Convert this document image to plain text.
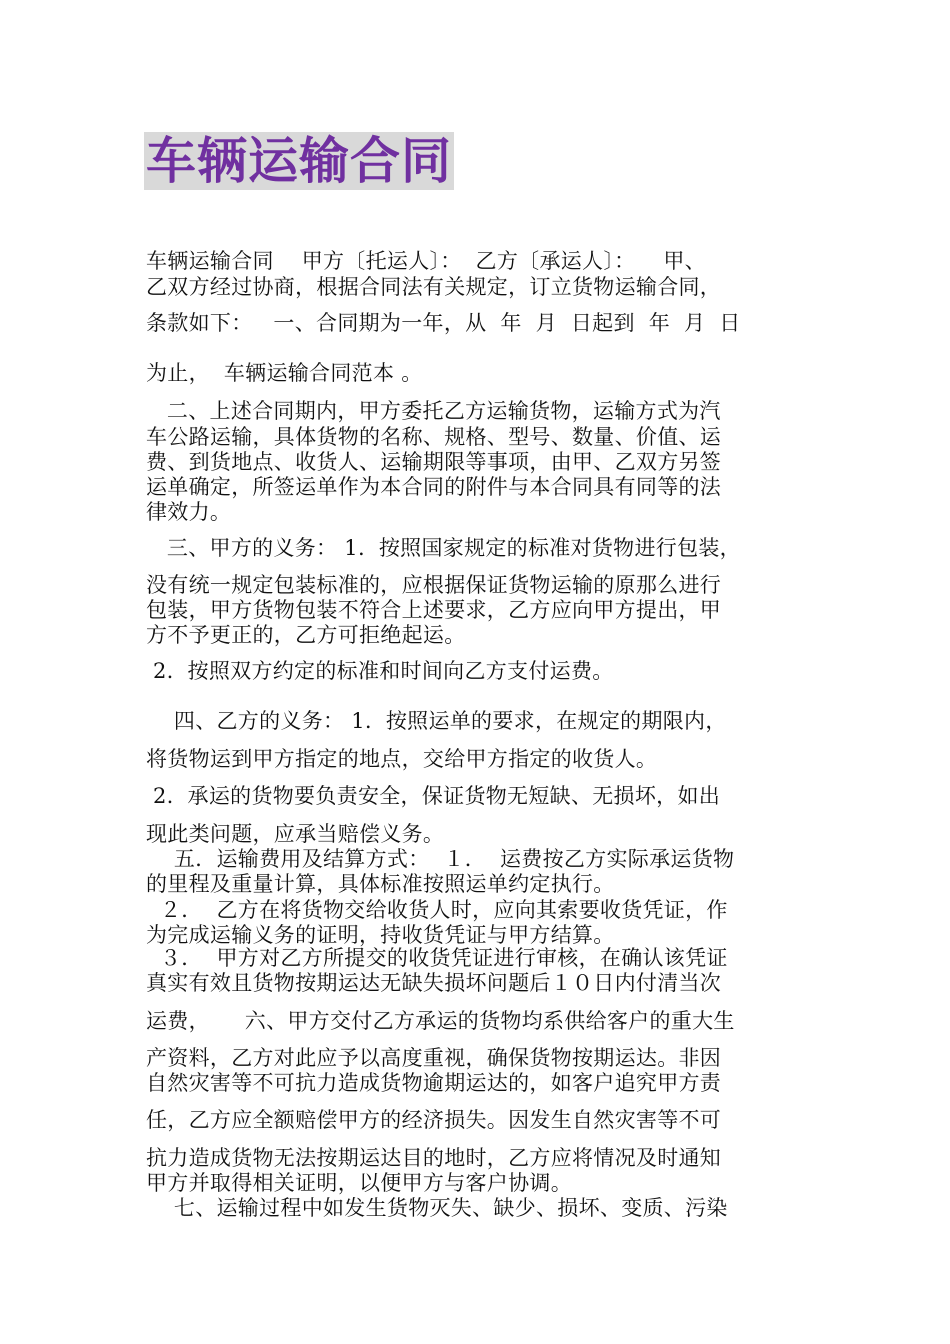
车辆运输合同
车辆运输合同    甲方〔托运人〕：  乙方〔承运人〕：    甲、
乙双方经过协商，根据合同法有关规定，订立货物运输合同，
条款如下：   一、合同期为一年，从  年  月  日起到  年  月  日
为止，  车辆运输合同范本 。
二、上述合同期内，甲方委托乙方运输货物，运输方式为汽
车公路运输，具体货物的名称、规格、型号、数量、价值、运
费、到货地点、收货人、运输期限等事项，由甲、乙双方另签
运单确定，所签运单作为本合同的附件与本合同具有同等的法
律效力。
三、甲方的义务： 1.  按照国家规定的标准对货物进行包装，
没有统一规定包装标准的，应根据保证货物运输的原那么进行
包装，甲方货物包装不符合上述要求，乙方应向甲方提出，甲
方不予更正的，乙方可拒绝起运。
2.  按照双方约定的标准和时间向乙方支付运费。
四、乙方的义务： 1.  按照运单的要求，在规定的期限内，
将货物运到甲方指定的地点，交给甲方指定的收货人。
2.  承运的货物要负责安全，保证货物无短缺、无损坏，如出
现此类问题，应承当赔偿义务。
五．运输费用及结算方式：  １．  运费按乙方实际承运货物
的里程及重量计算，具体标准按照运单约定执行。
２．  乙方在将货物交给收货人时，应向其索要收货凭证，作
为完成运输义务的证明，持收货凭证与甲方结算。
３．  甲方对乙方所提交的收货凭证进行审核，在确认该凭证
真实有效且货物按期运达无缺失损坏问题后１０日内付清当次
运费，     六、甲方交付乙方承运的货物均系供给客户的重大生
产资料，乙方对此应予以高度重视，确保货物按期运达。非因
自然灾害等不可抗力造成货物逾期运达的，如客户追究甲方责
任，乙方应全额赔偿甲方的经济损失。因发生自然灾害等不可
抗力造成货物无法按期运达目的地时，乙方应将情况及时通知
甲方并取得相关证明，以便甲方与客户协调。
七、运输过程中如发生货物灭失、缺少、损坏、变质、污染
